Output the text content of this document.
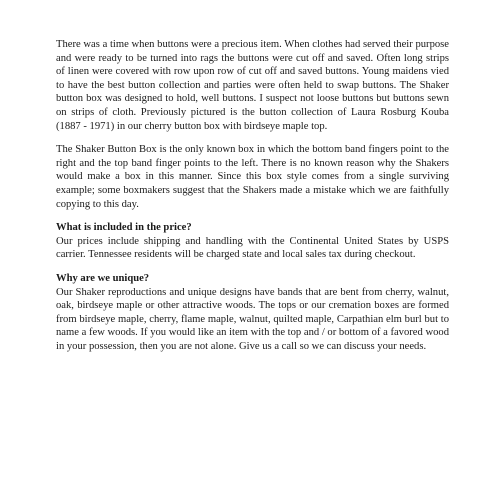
There was a time when buttons were a precious item. When clothes had served their purpose and were ready to be turned into rags the buttons were cut off and saved. Often long strips of linen were covered with row upon row of cut off and saved buttons. Young maidens vied to have the best button collection and parties were often held to swap buttons. The Shaker button box was designed to hold, well buttons. I suspect not loose buttons but buttons sewn on strips of cloth. Previously pictured is the button collection of Laura Rosburg Kouba (1887 - 1971) in our cherry button box with birdseye maple top.

The Shaker Button Box is the only known box in which the bottom band fingers point to the right and the top band finger points to the left. There is no known reason why the Shakers would make a box in this manner. Since this box style comes from a single surviving example; some boxmakers suggest that the Shakers made a mistake which we are faithfully copying to this day.

What is included in the price?

Our prices include shipping and handling with the Continental United States by USPS carrier. Tennessee residents will be charged state and local sales tax during checkout.

Why are we unique?

Our Shaker reproductions and unique designs have bands that are bent from cherry, walnut, oak, birdseye maple or other attractive woods. The tops or our cremation boxes are formed from birdseye maple, cherry, flame maple, walnut, quilted maple, Carpathian elm burl but to name a few woods. If you would like an item with the top and / or bottom of a favored wood in your possession, then you are not alone. Give us a call so we can discuss your needs.
